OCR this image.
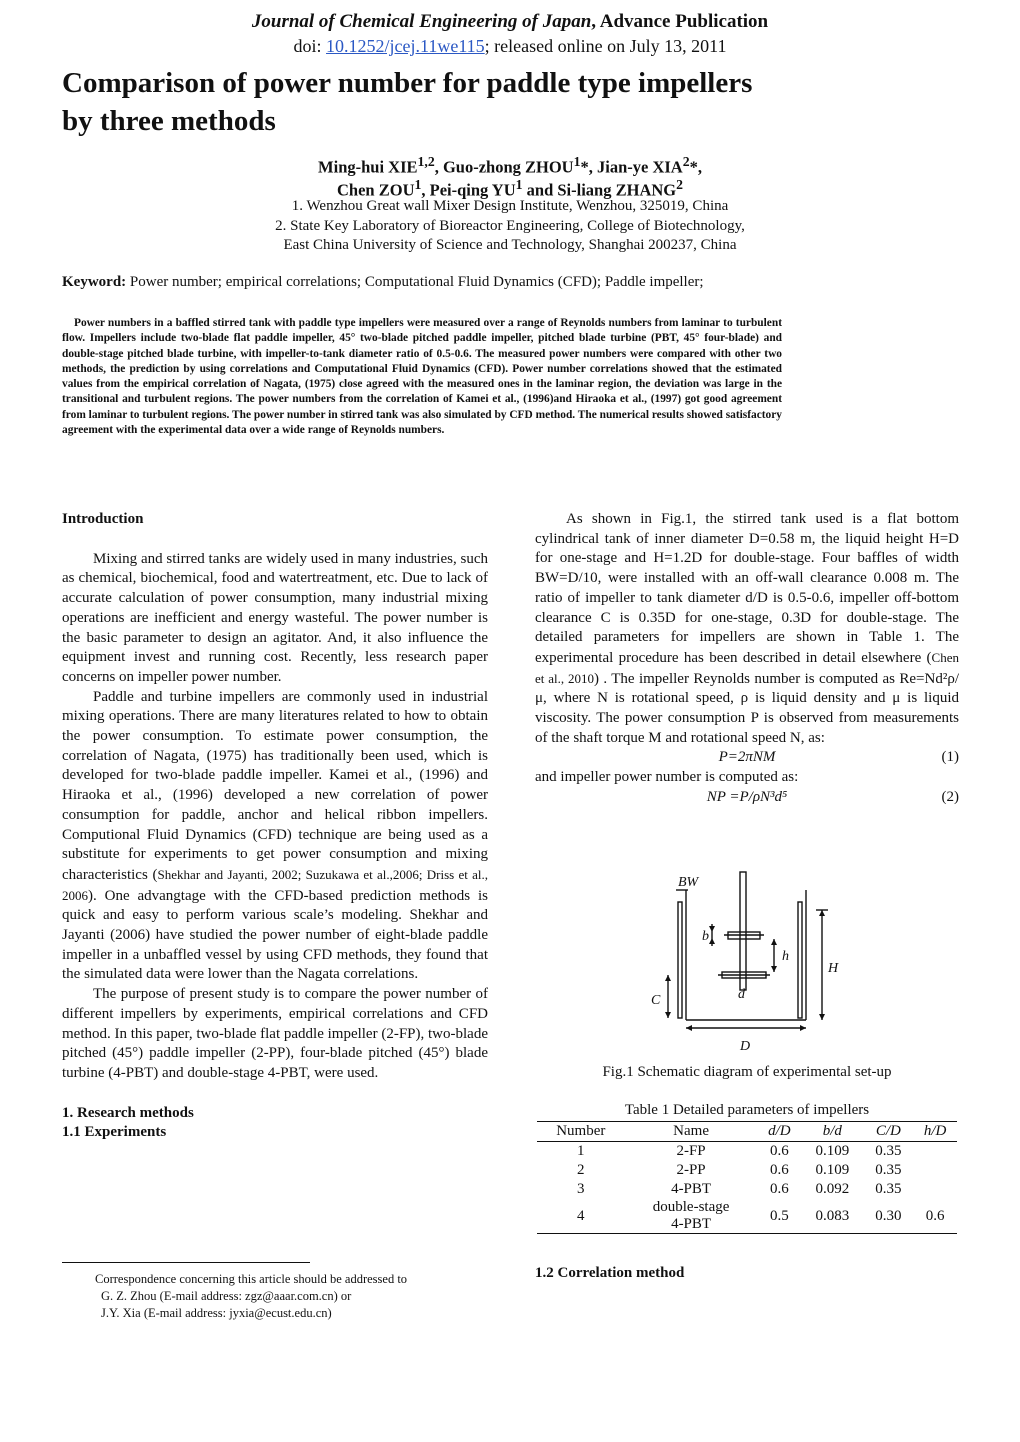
Journal of Chemical Engineering of Japan, Advance Publication
doi: 10.1252/jcej.11we115; released online on July 13, 2011
Comparison of power number for paddle type impellers
by three methods
Ming-hui XIE$^{1,2}$, Guo-zhong ZHOU$^1$*, Jian-ye XIA$^2$*,
Chen ZOU$^1$, Pei-qing $YU^1$ and Si-liang ZHANG$^2$
1. Wenzhou Great wall Mixer Design Institute, Wenzhou, 325019, China
2. State Key Laboratory of Bioreactor Engineering, College of Biotechnology,
East China University of Science and Technology, Shanghai 200237, China
Keyword: Power number; empirical correlations; Computational Fluid Dynamics (CFD); Paddle impeller;
Power numbers in a baffled stirred tank with paddle type impellers were measured over a range of Reynolds numbers from laminar to turbulent flow. Impellers include two-blade flat paddle impeller, 45° two-blade pitched paddle impeller, pitched blade turbine (PBT, 45° four-blade) and double-stage pitched blade turbine, with impeller-to-tank diameter ratio of 0.5-0.6. The measured power numbers were compared with other two methods, the prediction by using correlations and Computational Fluid Dynamics (CFD). Power number correlations showed that the estimated values from the empirical correlation of Nagata, (1975) close agreed with the measured ones in the laminar region, the deviation was large in the transitional and turbulent regions. The power numbers from the correlation of Kamei et al., (1996)and Hiraoka et al., (1997) got good agreement from laminar to turbulent regions. The power number in stirred tank was also simulated by CFD method. The numerical results showed satisfactory agreement with the experimental data over a wide range of Reynolds numbers.
Introduction

Mixing and stirred tanks are widely used in many industries, such as chemical, biochemical, food and watertreatment, etc. Due to lack of accurate calculation of power consumption, many industrial mixing operations are inefficient and energy wasteful. The power number is the basic parameter to design an agitator. And, it also influence the equipment invest and running cost. Recently, less research paper concerns on impeller power number.

Paddle and turbine impellers are commonly used in industrial mixing operations. There are many literatures related to how to obtain the power consumption. To estimate power consumption, the correlation of Nagata, (1975) has traditionally been used, which is developed for two-blade paddle impeller. Kamei et al., (1996) and Hiraoka et al., (1996) developed a new correlation of power consumption for paddle, anchor and helical ribbon impellers. Computional Fluid Dynamics (CFD) technique are being used as a substitute for experiments to get power consumption and mixing characteristics (Shekhar and Jayanti, 2002; Suzukawa et al.,2006; Driss et al., 2006). One advangtage with the CFD-based prediction methods is quick and easy to perform various scale’s modeling. Shekhar and Jayanti (2006) have studied the power number of eight-blade paddle impeller in a unbaffled vessel by using CFD methods, they found that the simulated data were lower than the Nagata correlations.

The purpose of present study is to compare the power number of different impellers by experiments, empirical correlations and CFD method. In this paper, two-blade flat paddle impeller (2-FP), two-blade pitched (45°) paddle impeller (2-PP), four-blade pitched (45°) blade turbine (4-PBT) and double-stage 4-PBT, were used.

1. Research methods
1.1 Experiments

As shown in Fig.1, the stirred tank used is a flat bottom cylindrical tank of inner diameter D=0.58 m, the liquid height H=D for one-stage and H=1.2D for double-stage. Four baffles of width BW=D/10, were installed with an off-wall clearance 0.008 m. The ratio of impeller to tank diameter d/D is 0.5-0.6, impeller off-bottom clearance C is 0.35D for one-stage, 0.3D for double-stage. The detailed parameters for impellers are shown in Table 1. The experimental procedure has been described in detail elsewhere (Chen et al., 2010) . The impeller Reynolds number is computed as Re=Nd²ρ/μ, where N is rotational speed, ρ is liquid density and μ is liquid viscosity. The power consumption P is observed from measurements of the shaft torque M and rotational speed N, as:

P=2πNM	(1)
and impeller power number is computed as:
NP =P/ρN³d⁵	(2)
BW
b
h
H
C	d
D
Fig.1 Schematic diagram of experimental set-up
Table 1 Detailed parameters of impellers
Number	Name	d/D	b/d	C/D	h/D
1	2-FP	0.6	0.109	0.35	
2	2-PP	0.6	0.109	0.35	
3	4-PBT	0.6	0.092	0.35	
4	double-stage
4-PBT	0.5	0.083	0.30	0.6
1.2 Correlation method
Correspondence concerning this article should be addressed to
G. Z. Zhou (E-mail address: zgz@aaar.com.cn) or
J.Y. Xia (E-mail address: jyxia@ecust.edu.cn)
